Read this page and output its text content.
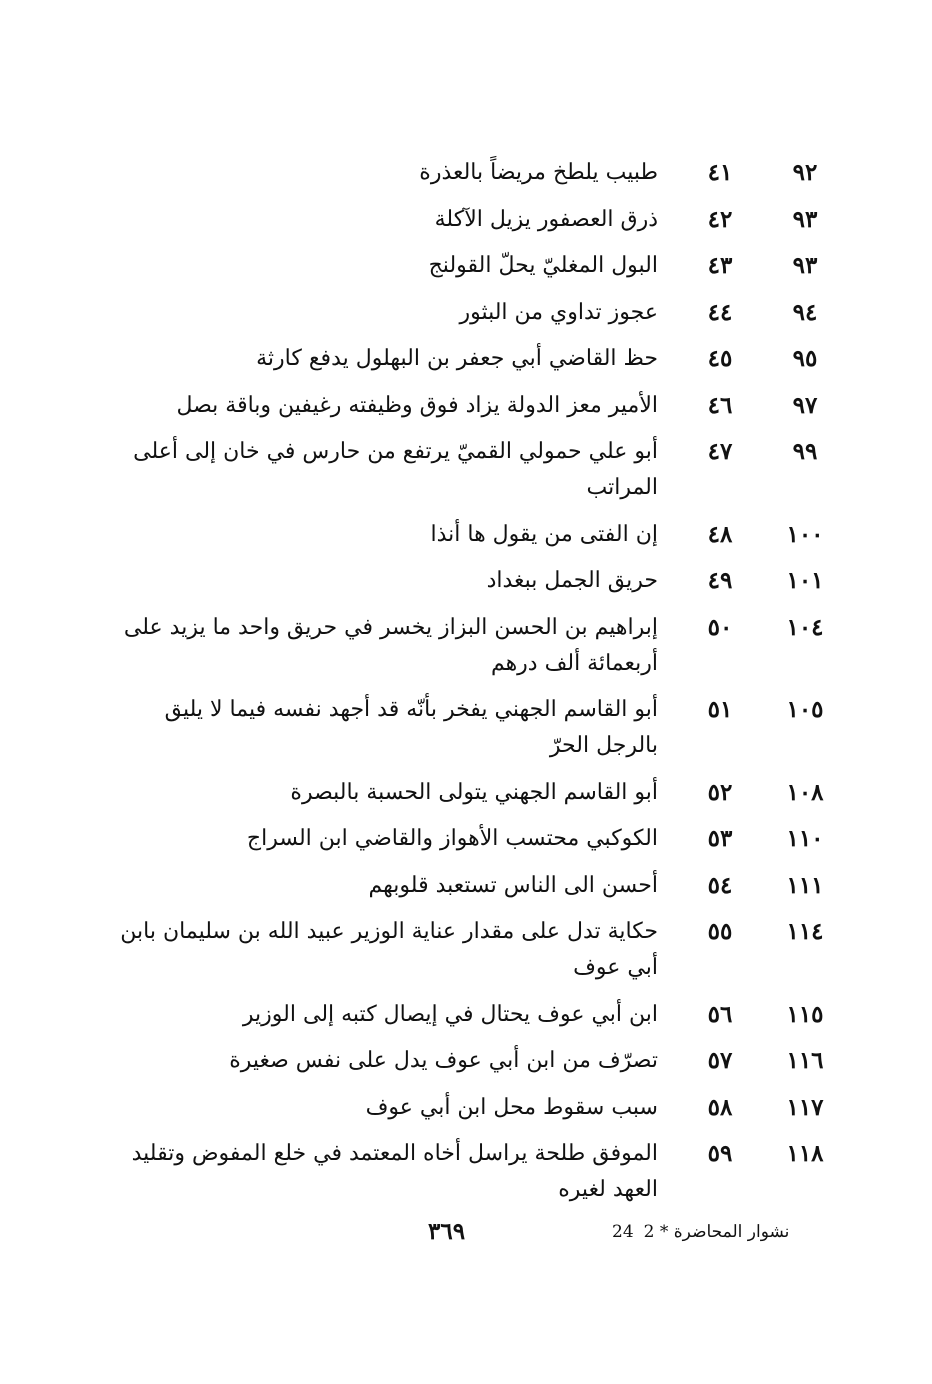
٩٢
٤١
طبيب يلطخ مريضاً بالعذرة
٩٣
٤٢
ذرق العصفور يزيل الآكلة
٩٣
٤٣
البول المغليّ يحلّ القولنج
٩٤
٤٤
عجوز تداوي من البثور
٩٥
٤٥
حظ القاضي أبي جعفر بن البهلول يدفع كارثة
٩٧
٤٦
الأمير معز الدولة يزاد فوق وظيفته رغيفين وباقة بصل
٩٩
٤٧
أبو علي حمولي القميّ يرتفع من حارس في خان إلى أعلى المراتب
١٠٠
٤٨
إن الفتى من يقول ها أنذا
١٠١
٤٩
حريق الجمل ببغداد
١٠٤
٥٠
إبراهيم بن الحسن البزاز يخسر في حريق واحد ما يزيد على أربعمائة ألف درهم
١٠٥
٥١
أبو القاسم الجهني يفخر بأنّه قد أجهد نفسه فيما لا يليق بالرجل الحرّ
١٠٨
٥٢
أبو القاسم الجهني يتولى الحسبة بالبصرة
١١٠
٥٣
الكوكبي محتسب الأهواز والقاضي ابن السراج
١١١
٥٤
أحسن الى الناس تستعبد قلوبهم
١١٤
٥٥
حكاية تدل على مقدار عناية الوزير عبيد الله بن سليمان بابن أبي عوف
١١٥
٥٦
ابن أبي عوف يحتال في إيصال كتبه إلى الوزير
١١٦
٥٧
تصرّف من ابن أبي عوف يدل على نفس صغيرة
١١٧
٥٨
سبب سقوط محل ابن أبي عوف
١١٨
٥٩
الموفق طلحة يراسل أخاه المعتمد في خلع المفوض وتقليد العهد لغيره
٣٦٩	نشوار المحاضرة * 224
